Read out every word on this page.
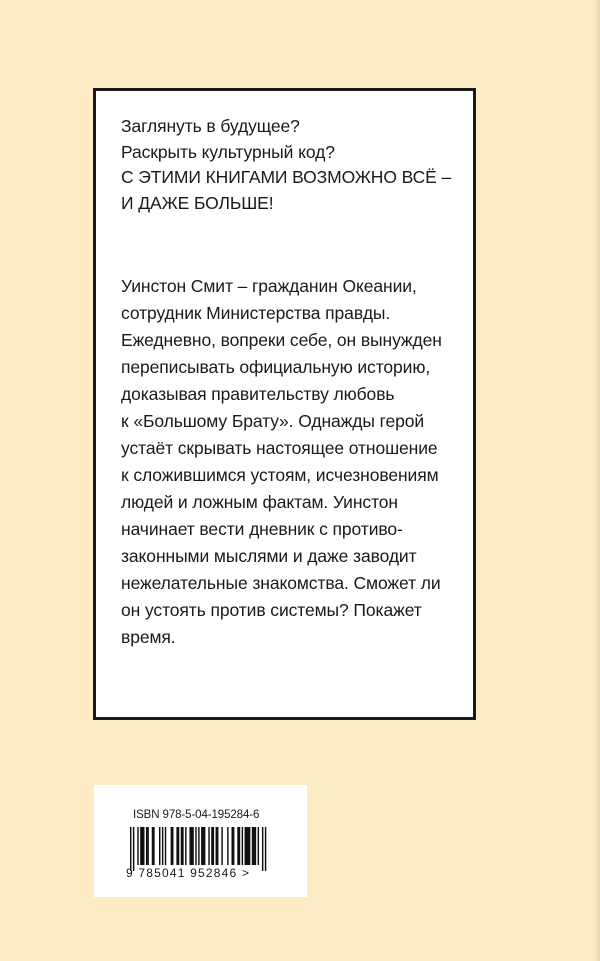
Заглянуть в будущее?
Раскрыть культурный код?
С ЭТИМИ КНИГАМИ ВОЗМОЖНО ВСЁ –
И ДАЖЕ БОЛЬШЕ!
Уинстон Смит – гражданин Океании,
сотрудник Министерства правды.
Ежедневно, вопреки себе, он вынужден
переписывать официальную историю,
доказывая правительству любовь
к «Большому Брату». Однажды герой
устаёт скрывать настоящее отношение
к сложившимся устоям, исчезновениям
людей и ложным фактам. Уинстон
начинает вести дневник с противо-
законными мыслями и даже заводит
нежелательные знакомства. Сможет ли
он устоять против системы? Покажет
время.
ISBN 978-5-04-195284-6
9 785041 952846 >
